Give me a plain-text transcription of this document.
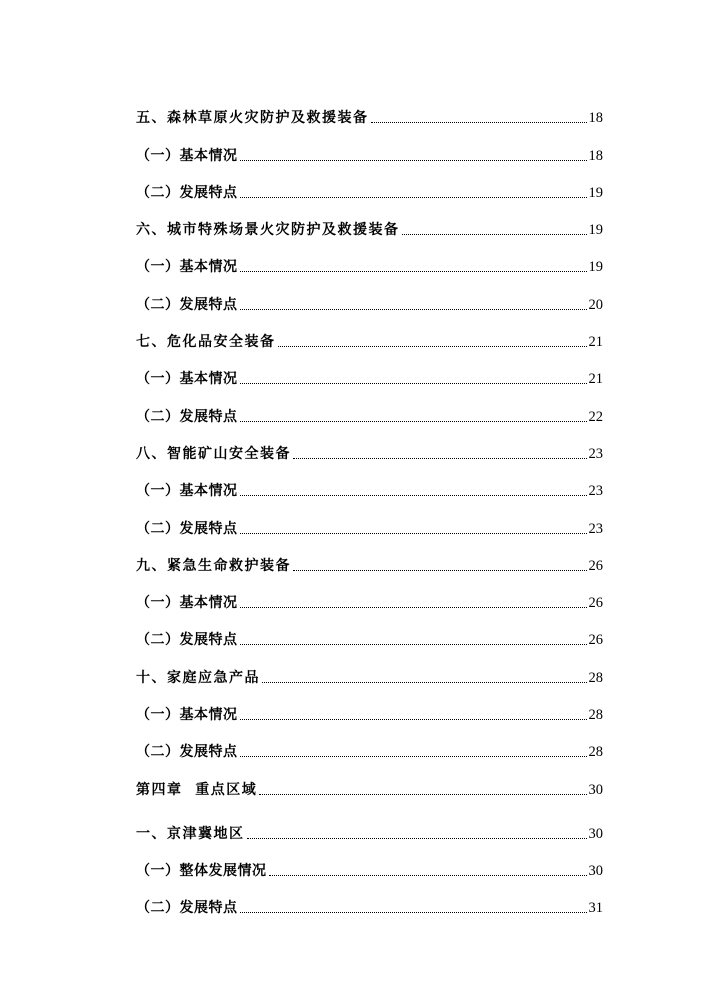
五、森林草原火灾防护及救援装备	18
（一）基本情况	18
（二）发展特点	19
六、城市特殊场景火灾防护及救援装备	19
（一）基本情况	19
（二）发展特点	20
七、危化品安全装备	21
（一）基本情况	21
（二）发展特点	22
八、智能矿山安全装备	23
（一）基本情况	23
（二）发展特点	23
九、紧急生命救护装备	26
（一）基本情况	26
（二）发展特点	26
十、家庭应急产品	28
（一）基本情况	28
（二）发展特点	28
第四章  重点区域	30
一、京津冀地区	30
（一）整体发展情况	30
（二）发展特点	31
